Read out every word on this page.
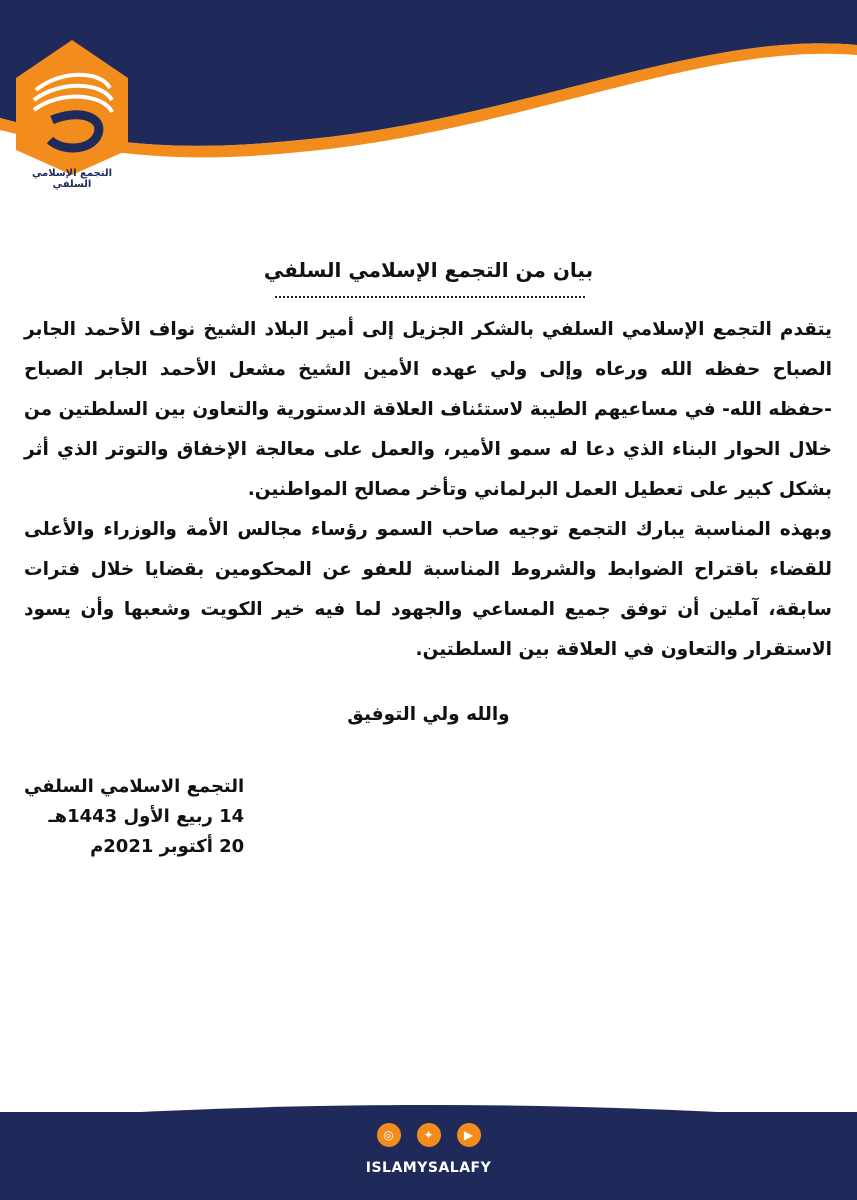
التجمع الإسلامي السلفي
بيان من التجمع الإسلامي السلفي

يتقدم التجمع الإسلامي السلفي بالشكر الجزيل إلى أمير البلاد الشيخ نواف الأحمد الجابر الصباح حفظه الله ورعاه وإلى ولي عهده الأمين الشيخ مشعل الأحمد الجابر الصباح -حفظه الله- في مساعيهم الطيبة لاستئناف العلاقة الدستورية والتعاون بين السلطتين من خلال الحوار البناء الذي دعا له سمو الأمير، والعمل على معالجة الإخفاق والتوتر الذي أثر بشكل كبير على تعطيل العمل البرلماني وتأخر مصالح المواطنين.

وبهذه المناسبة يبارك التجمع توجيه صاحب السمو رؤساء مجالس الأمة والوزراء والأعلى للقضاء باقتراح الضوابط والشروط المناسبة للعفو عن المحكومين بقضايا خلال فترات سابقة، آملين أن توفق جميع المساعي والجهود لما فيه خير الكويت وشعبها وأن يسود الاستقرار والتعاون في العلاقة بين السلطتين.

والله ولي التوفيق
التجمع الاسلامي السلفي
14 ربيع الأول 1443هـ
20 أكتوبر 2021م
◎	✦	▶
ISLAMYSALAFY
